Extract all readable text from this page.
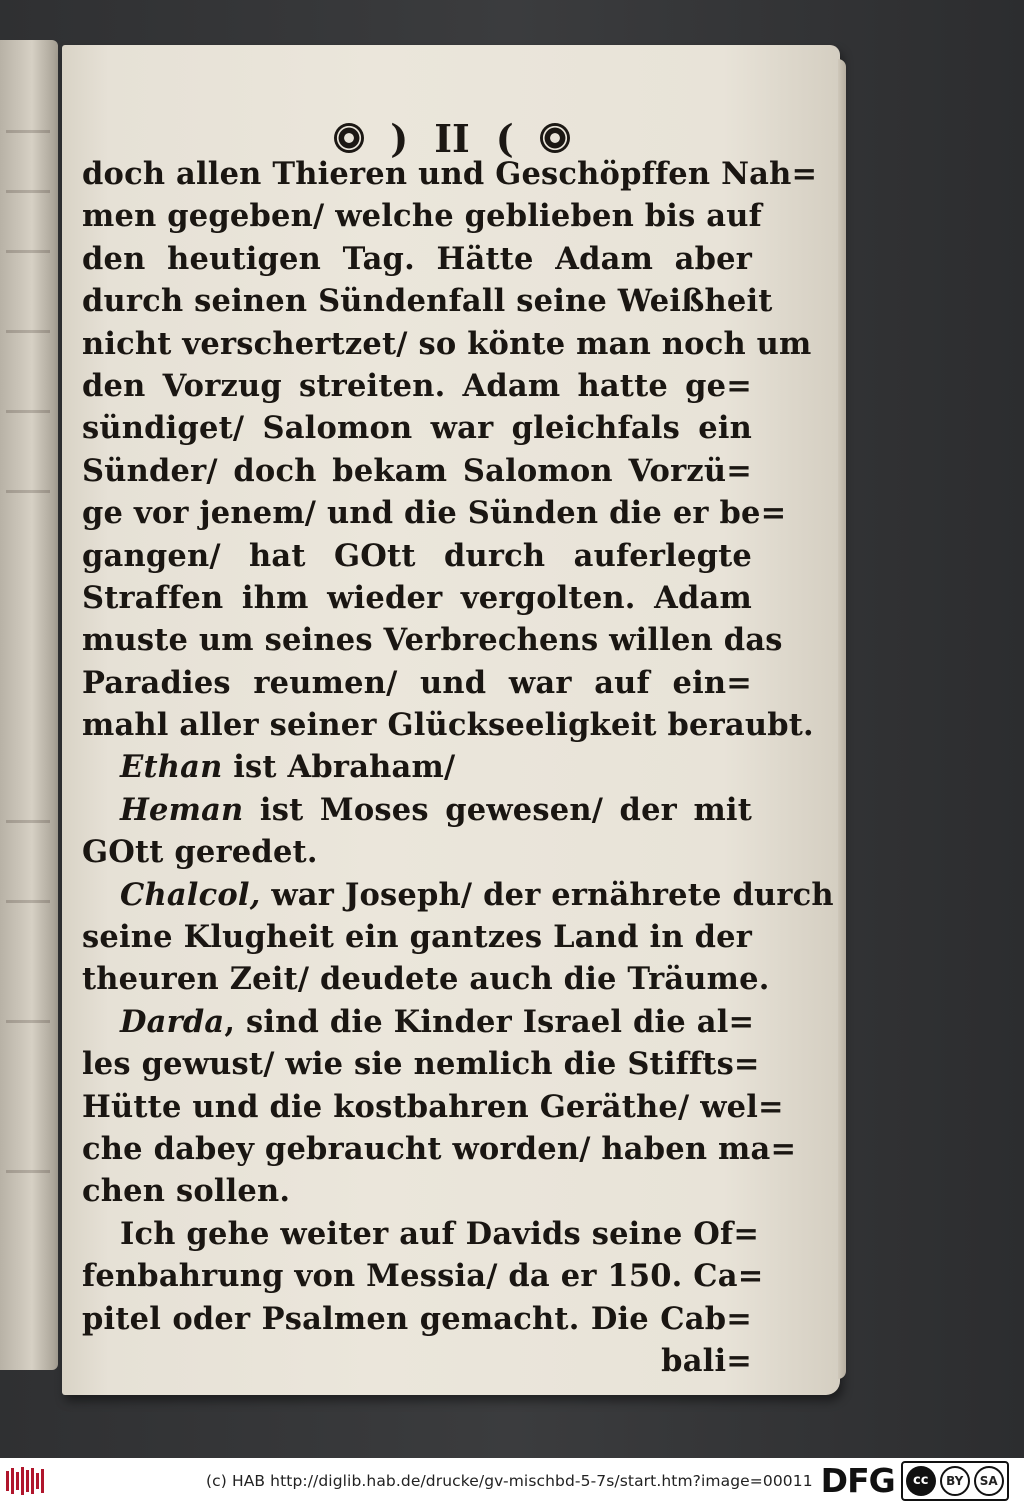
) II (
doch allen Thieren und Geschöpffen Nah=
men gegeben/ welche geblieben bis auf
den heutigen Tag. Hätte Adam aber
durch seinen Sündenfall seine Weißheit
nicht verschertzet/ so könte man noch um
den Vorzug streiten. Adam hatte ge=
sündiget/ Salomon war gleichfals ein
Sünder/ doch bekam Salomon Vorzü=
ge vor jenem/ und die Sünden die er be=
gangen/ hat GOtt durch auferlegte
Straffen ihm wieder vergolten. Adam
muste um seines Verbrechens willen das
Paradies reumen/ und war auf ein=
mahl aller seiner Glückseeligkeit beraubt.
Ethan ist Abraham/
Heman ist Moses gewesen/ der mit
GOtt geredet.
Chalcol, war Joseph/ der ernährete durch
seine Klugheit ein gantzes Land in der
theuren Zeit/ deudete auch die Träume.
Darda, sind die Kinder Israel die al=
les gewust/ wie sie nemlich die Stiffts=
Hütte und die kostbahren Geräthe/ wel=
che dabey gebraucht worden/ haben ma=
chen sollen.
Ich gehe weiter auf Davids seine Of=
fenbahrung von Messia/ da er 150. Ca=
pitel oder Psalmen gemacht. Die Cab=
bali=
(c) HAB http://diglib.hab.de/drucke/gv-mischbd-5-7s/start.htm?image=00011 DFG	cc	BY	SA
